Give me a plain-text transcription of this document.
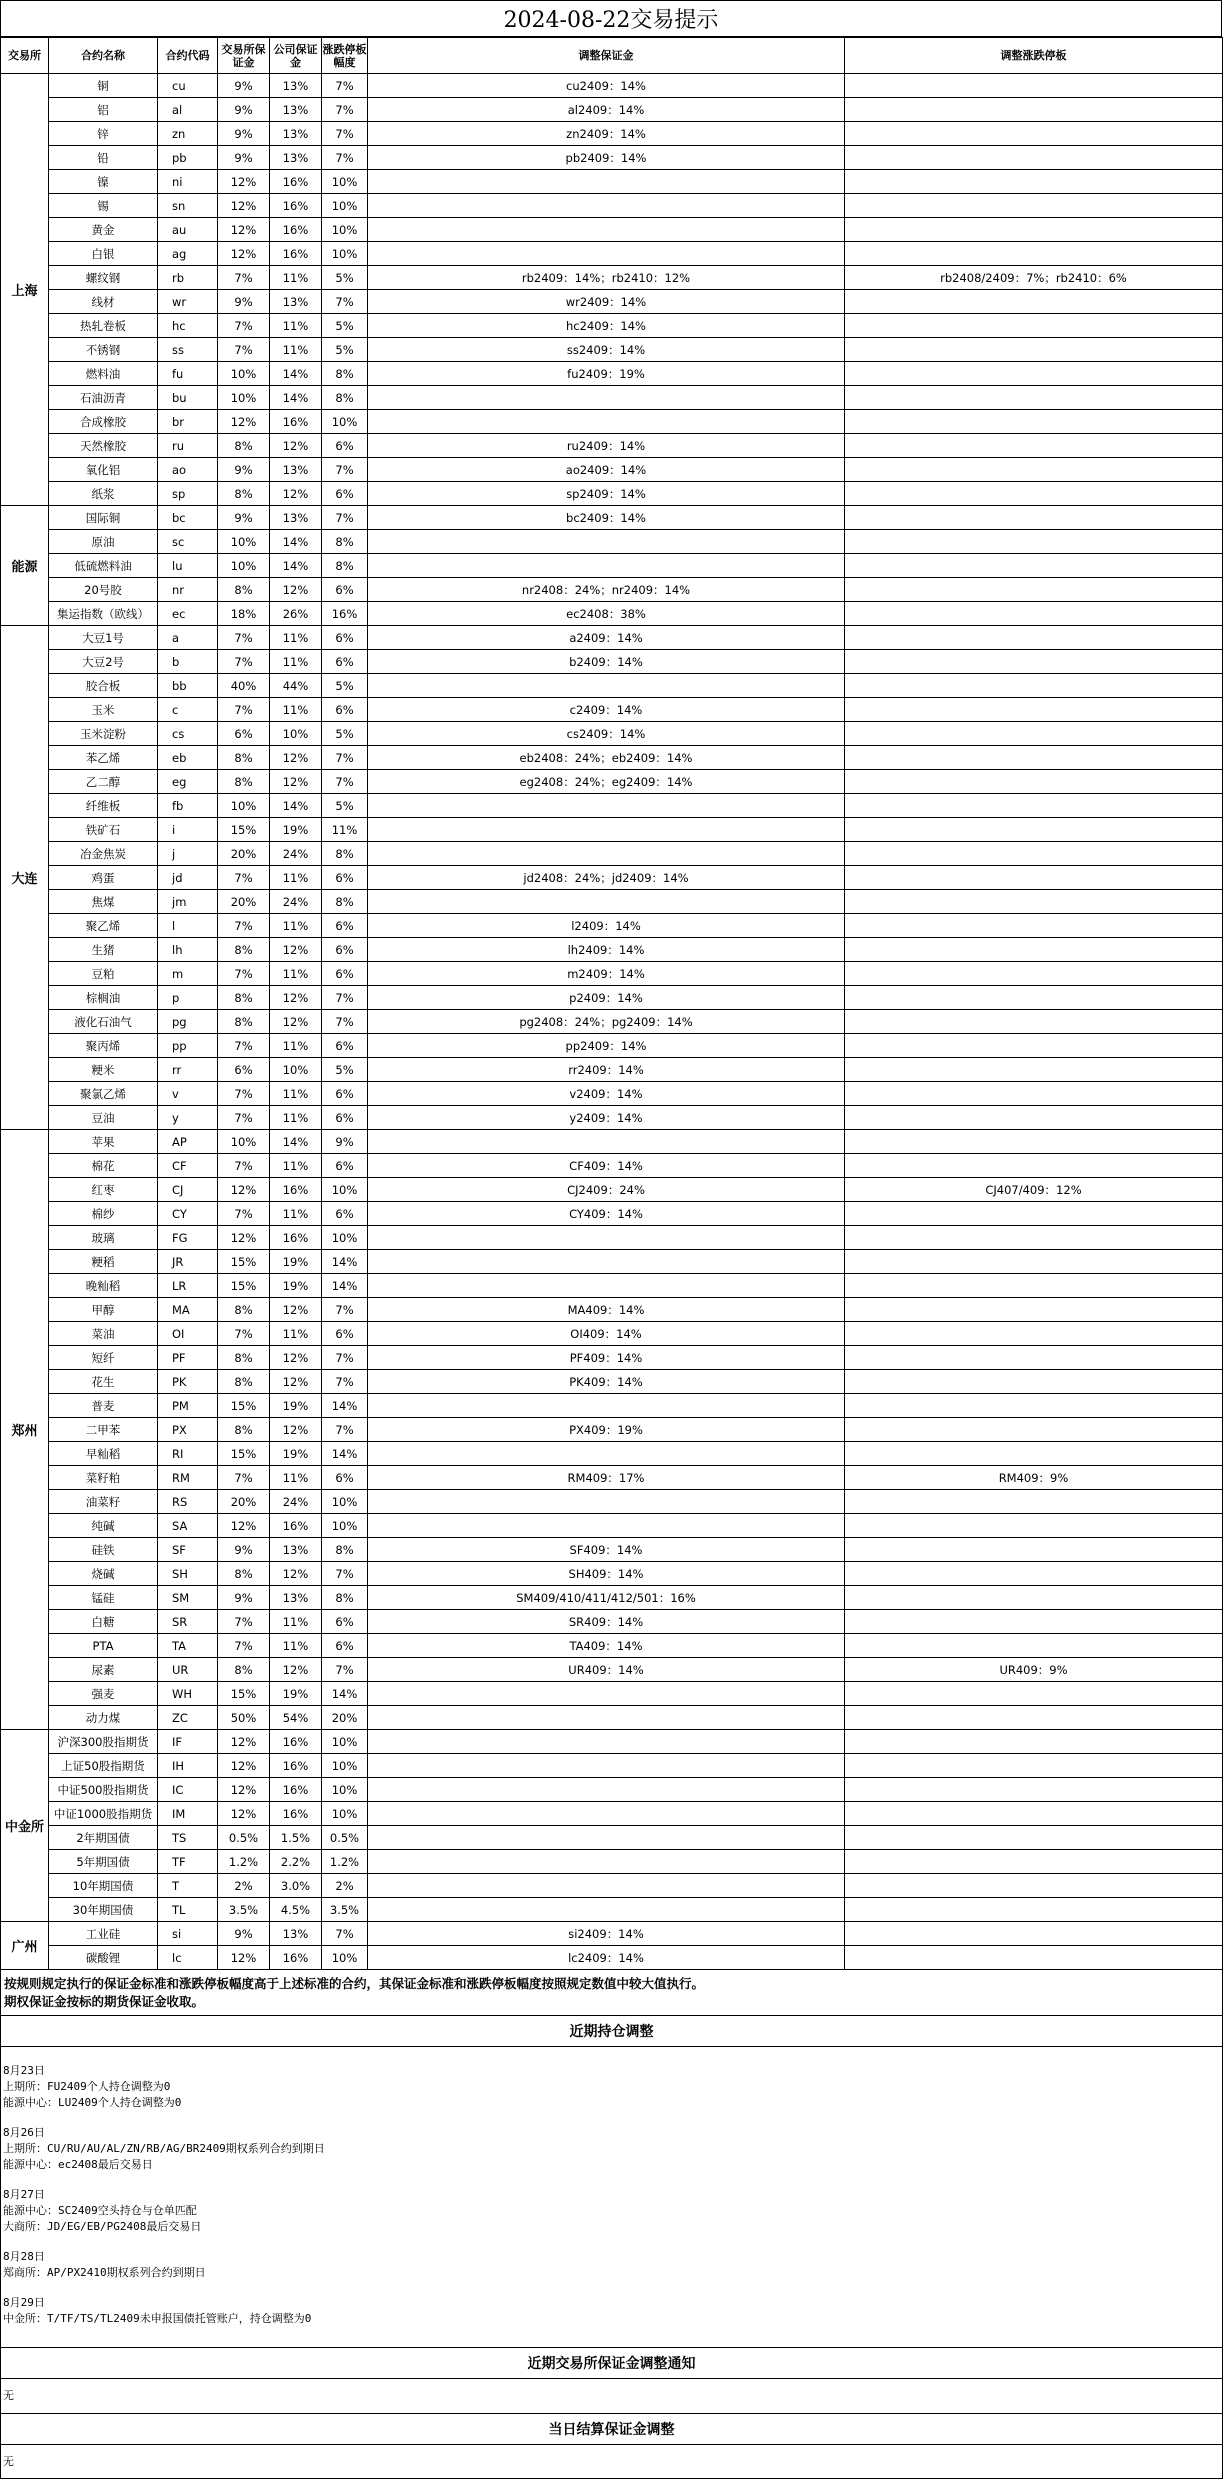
2024-08-22交易提示
交易所	合约名称	合约代码	交易所保证金	公司保证金	涨跌停板幅度	调整保证金	调整涨跌停板
上海	铜	cu	9%	13%	7%	cu2409：14%	
	铝	al	9%	13%	7%	al2409：14%	
	锌	zn	9%	13%	7%	zn2409：14%	
	铅	pb	9%	13%	7%	pb2409：14%	
	镍	ni	12%	16%	10%		
	锡	sn	12%	16%	10%		
	黄金	au	12%	16%	10%		
	白银	ag	12%	16%	10%		
	螺纹钢	rb	7%	11%	5%	rb2409：14%；rb2410：12%	rb2408/2409：7%；rb2410：6%
	线材	wr	9%	13%	7%	wr2409：14%	
	热轧卷板	hc	7%	11%	5%	hc2409：14%	
	不锈钢	ss	7%	11%	5%	ss2409：14%	
	燃料油	fu	10%	14%	8%	fu2409：19%	
	石油沥青	bu	10%	14%	8%		
	合成橡胶	br	12%	16%	10%		
	天然橡胶	ru	8%	12%	6%	ru2409：14%	
	氧化铝	ao	9%	13%	7%	ao2409：14%	
	纸浆	sp	8%	12%	6%	sp2409：14%	
能源	国际铜	bc	9%	13%	7%	bc2409：14%	
	原油	sc	10%	14%	8%		
	低硫燃料油	lu	10%	14%	8%		
	20号胶	nr	8%	12%	6%	nr2408：24%；nr2409：14%	
	集运指数（欧线）	ec	18%	26%	16%	ec2408：38%	
大连	大豆1号	a	7%	11%	6%	a2409：14%	
	大豆2号	b	7%	11%	6%	b2409：14%	
	胶合板	bb	40%	44%	5%		
	玉米	c	7%	11%	6%	c2409：14%	
	玉米淀粉	cs	6%	10%	5%	cs2409：14%	
	苯乙烯	eb	8%	12%	7%	eb2408：24%；eb2409：14%	
	乙二醇	eg	8%	12%	7%	eg2408：24%；eg2409：14%	
	纤维板	fb	10%	14%	5%		
	铁矿石	i	15%	19%	11%		
	冶金焦炭	j	20%	24%	8%		
	鸡蛋	jd	7%	11%	6%	jd2408：24%；jd2409：14%	
	焦煤	jm	20%	24%	8%		
	聚乙烯	l	7%	11%	6%	l2409：14%	
	生猪	lh	8%	12%	6%	lh2409：14%	
	豆粕	m	7%	11%	6%	m2409：14%	
	棕榈油	p	8%	12%	7%	p2409：14%	
	液化石油气	pg	8%	12%	7%	pg2408：24%；pg2409：14%	
	聚丙烯	pp	7%	11%	6%	pp2409：14%	
	粳米	rr	6%	10%	5%	rr2409：14%	
	聚氯乙烯	v	7%	11%	6%	v2409：14%	
	豆油	y	7%	11%	6%	y2409：14%	
郑州	苹果	AP	10%	14%	9%		
	棉花	CF	7%	11%	6%	CF409：14%	
	红枣	CJ	12%	16%	10%	CJ2409：24%	CJ407/409：12%
	棉纱	CY	7%	11%	6%	CY409：14%	
	玻璃	FG	12%	16%	10%		
	粳稻	JR	15%	19%	14%		
	晚籼稻	LR	15%	19%	14%		
	甲醇	MA	8%	12%	7%	MA409：14%	
	菜油	OI	7%	11%	6%	OI409：14%	
	短纤	PF	8%	12%	7%	PF409：14%	
	花生	PK	8%	12%	7%	PK409：14%	
	普麦	PM	15%	19%	14%		
	二甲苯	PX	8%	12%	7%	PX409：19%	
	早籼稻	RI	15%	19%	14%		
	菜籽粕	RM	7%	11%	6%	RM409：17%	RM409：9%
	油菜籽	RS	20%	24%	10%		
	纯碱	SA	12%	16%	10%		
	硅铁	SF	9%	13%	8%	SF409：14%	
	烧碱	SH	8%	12%	7%	SH409：14%	
	锰硅	SM	9%	13%	8%	SM409/410/411/412/501：16%	
	白糖	SR	7%	11%	6%	SR409：14%	
	PTA	TA	7%	11%	6%	TA409：14%	
	尿素	UR	8%	12%	7%	UR409：14%	UR409：9%
	强麦	WH	15%	19%	14%		
	动力煤	ZC	50%	54%	20%		
中金所	沪深300股指期货	IF	12%	16%	10%		
	上证50股指期货	IH	12%	16%	10%		
	中证500股指期货	IC	12%	16%	10%		
	中证1000股指期货	IM	12%	16%	10%		
	2年期国债	TS	0.5%	1.5%	0.5%		
	5年期国债	TF	1.2%	2.2%	1.2%		
	10年期国债	T	2%	3.0%	2%		
	30年期国债	TL	3.5%	4.5%	3.5%		
广州	工业硅	si	9%	13%	7%	si2409：14%	
	碳酸锂	lc	12%	16%	10%	lc2409：14%	
按规则规定执行的保证金标准和涨跌停板幅度高于上述标准的合约，其保证金标准和涨跌停板幅度按照规定数值中较大值执行。
期权保证金按标的期货保证金收取。
近期持仓调整
8月23日
上期所：FU2409个人持仓调整为0
能源中心：LU2409个人持仓调整为0
8月26日
上期所：CU/RU/AU/AL/ZN/RB/AG/BR2409期权系列合约到期日
能源中心：ec2408最后交易日
8月27日
能源中心：SC2409空头持仓与仓单匹配
大商所：JD/EG/EB/PG2408最后交易日
8月28日
郑商所：AP/PX2410期权系列合约到期日
8月29日
中金所：T/TF/TS/TL2409未申报国债托管账户，持仓调整为0
近期交易所保证金调整通知
无
当日结算保证金调整
无
